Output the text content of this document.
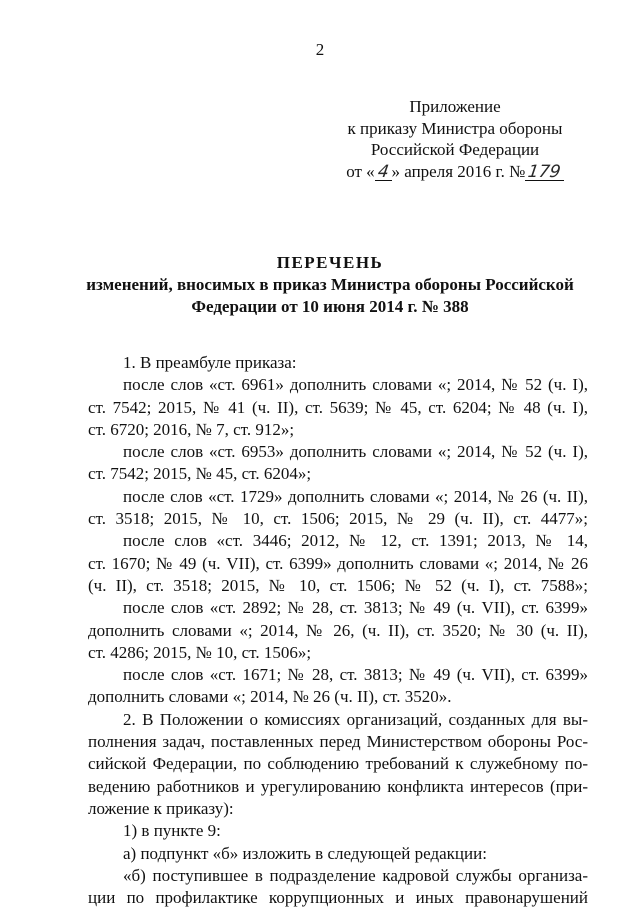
2
Приложение
к приказу Министра обороны
Российской Федерации
от «4» апреля 2016 г. №179
ПЕРЕЧЕНЬ
изменений, вносимых в приказ Министра обороны Российской
Федерации от 10 июня 2014 г. № 388
1. В преамбуле приказа:
после слов «ст. 6961» дополнить словами «; 2014, № 52 (ч. I),
ст. 7542; 2015, № 41 (ч. II), ст. 5639; № 45, ст. 6204; № 48 (ч. I),
ст. 6720; 2016, № 7, ст. 912»;
после слов «ст. 6953» дополнить словами «; 2014, № 52 (ч. I),
ст. 7542; 2015, № 45, ст. 6204»;
после слов «ст. 1729» дополнить словами «; 2014, № 26 (ч. II),
ст. 3518; 2015, № 10, ст. 1506; 2015, № 29 (ч. II), ст. 4477»;
после слов «ст. 3446; 2012, № 12, ст. 1391; 2013, № 14,
ст. 1670; № 49 (ч. VII), ст. 6399» дополнить словами «; 2014, № 26
(ч. II), ст. 3518; 2015, № 10, ст. 1506; № 52 (ч. I), ст. 7588»;
после слов «ст. 2892; № 28, ст. 3813; № 49 (ч. VII), ст. 6399»
дополнить словами «; 2014, № 26, (ч. II), ст. 3520; № 30 (ч. II),
ст. 4286; 2015, № 10, ст. 1506»;
после слов «ст. 1671; № 28, ст. 3813; № 49 (ч. VII), ст. 6399»
дополнить словами «; 2014, № 26 (ч. II), ст. 3520».
2. В Положении о комиссиях организаций, созданных для вы-
полнения задач, поставленных перед Министерством обороны Рос-
сийской Федерации, по соблюдению требований к служебному по-
ведению работников и урегулированию конфликта интересов (при-
ложение к приказу):
1) в пункте 9:
а) подпункт «б» изложить в следующей редакции:
«б) поступившее в подразделение кадровой службы организа-
ции по профилактике коррупционных и иных правонарушений
